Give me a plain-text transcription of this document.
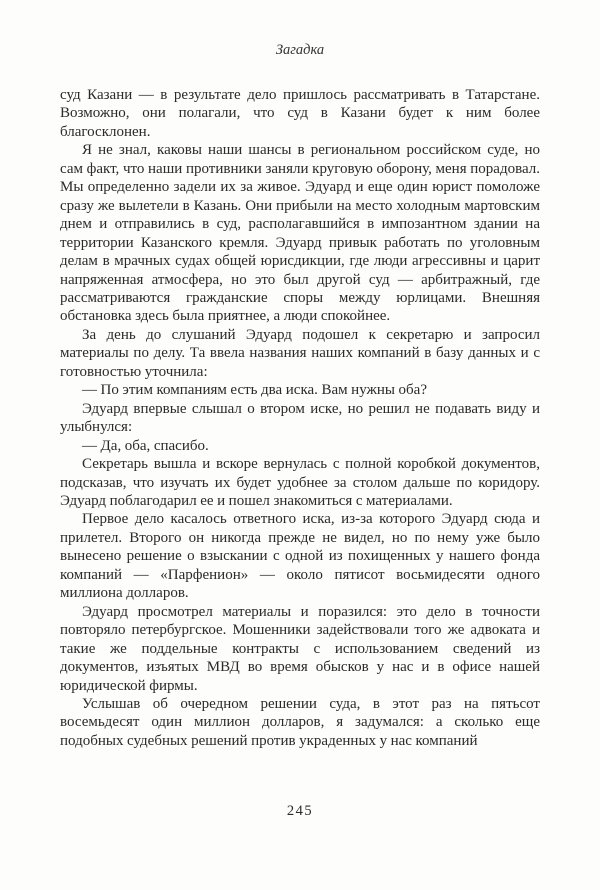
Загадка

суд Казани — в результате дело пришлось рассматривать в Татарстане. Возможно, они полагали, что суд в Казани будет к ним более благосклонен.

Я не знал, каковы наши шансы в региональном российском суде, но сам факт, что наши противники заняли круговую оборону, меня порадовал. Мы определенно задели их за живое. Эдуард и еще один юрист помоложе сразу же вылетели в Казань. Они прибыли на место холодным мартовским днем и отправились в суд, располагавшийся в импозантном здании на территории Казанского кремля. Эдуард привык работать по уголовным делам в мрачных судах общей юрисдикции, где люди агрессивны и царит напряженная атмосфера, но это был другой суд — арбитражный, где рассматриваются гражданские споры между юрлицами. Внешняя обстановка здесь была приятнее, а люди спокойнее.

За день до слушаний Эдуард подошел к секретарю и запросил материалы по делу. Та ввела названия наших компаний в базу данных и с готовностью уточнила:

— По этим компаниям есть два иска. Вам нужны оба?

Эдуард впервые слышал о втором иске, но решил не подавать виду и улыбнулся:

— Да, оба, спасибо.

Секретарь вышла и вскоре вернулась с полной коробкой документов, подсказав, что изучать их будет удобнее за столом дальше по коридору. Эдуард поблагодарил ее и пошел знакомиться с материалами.

Первое дело касалось ответного иска, из-за которого Эдуард сюда и прилетел. Второго он никогда прежде не видел, но по нему уже было вынесено решение о взыскании с одной из похищенных у нашего фонда компаний — «Парфенион» — около пятисот восьмидесяти одного миллиона долларов.

Эдуард просмотрел материалы и поразился: это дело в точности повторяло петербургское. Мошенники задействовали того же адвоката и такие же поддельные контракты с использованием сведений из документов, изъятых МВД во время обысков у нас и в офисе нашей юридической фирмы.

Услышав об очередном решении суда, в этот раз на пятьсот восемьдесят один миллион долларов, я задумался: а сколько еще подобных судебных решений против украденных у нас компаний

245
